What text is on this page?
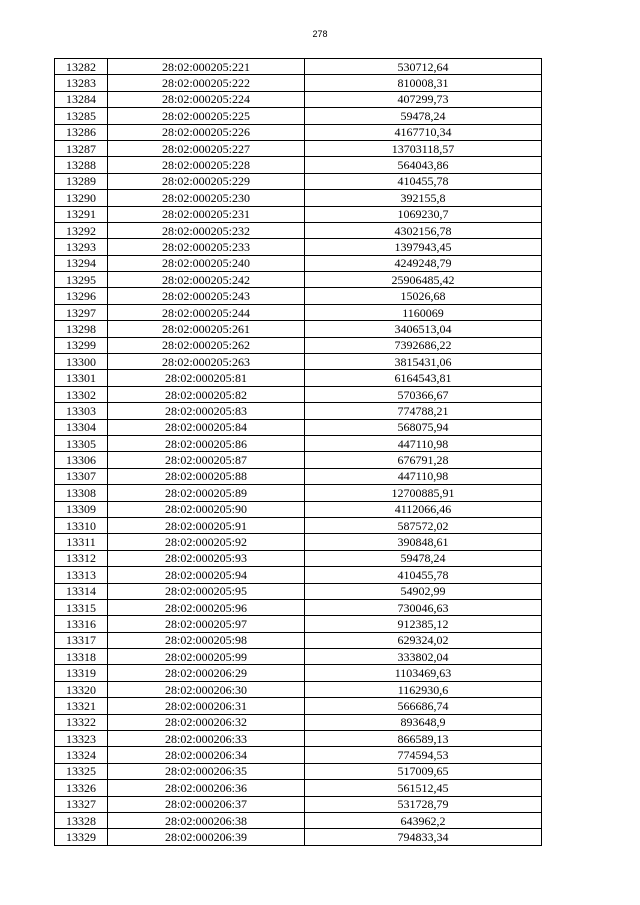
278
13282	28:02:000205:221	530712,64
13283	28:02:000205:222	810008,31
13284	28:02:000205:224	407299,73
13285	28:02:000205:225	59478,24
13286	28:02:000205:226	4167710,34
13287	28:02:000205:227	13703118,57
13288	28:02:000205:228	564043,86
13289	28:02:000205:229	410455,78
13290	28:02:000205:230	392155,8
13291	28:02:000205:231	1069230,7
13292	28:02:000205:232	4302156,78
13293	28:02:000205:233	1397943,45
13294	28:02:000205:240	4249248,79
13295	28:02:000205:242	25906485,42
13296	28:02:000205:243	15026,68
13297	28:02:000205:244	1160069
13298	28:02:000205:261	3406513,04
13299	28:02:000205:262	7392686,22
13300	28:02:000205:263	3815431,06
13301	28:02:000205:81	6164543,81
13302	28:02:000205:82	570366,67
13303	28:02:000205:83	774788,21
13304	28:02:000205:84	568075,94
13305	28:02:000205:86	447110,98
13306	28:02:000205:87	676791,28
13307	28:02:000205:88	447110,98
13308	28:02:000205:89	12700885,91
13309	28:02:000205:90	4112066,46
13310	28:02:000205:91	587572,02
13311	28:02:000205:92	390848,61
13312	28:02:000205:93	59478,24
13313	28:02:000205:94	410455,78
13314	28:02:000205:95	54902,99
13315	28:02:000205:96	730046,63
13316	28:02:000205:97	912385,12
13317	28:02:000205:98	629324,02
13318	28:02:000205:99	333802,04
13319	28:02:000206:29	1103469,63
13320	28:02:000206:30	1162930,6
13321	28:02:000206:31	566686,74
13322	28:02:000206:32	893648,9
13323	28:02:000206:33	866589,13
13324	28:02:000206:34	774594,53
13325	28:02:000206:35	517009,65
13326	28:02:000206:36	561512,45
13327	28:02:000206:37	531728,79
13328	28:02:000206:38	643962,2
13329	28:02:000206:39	794833,34
